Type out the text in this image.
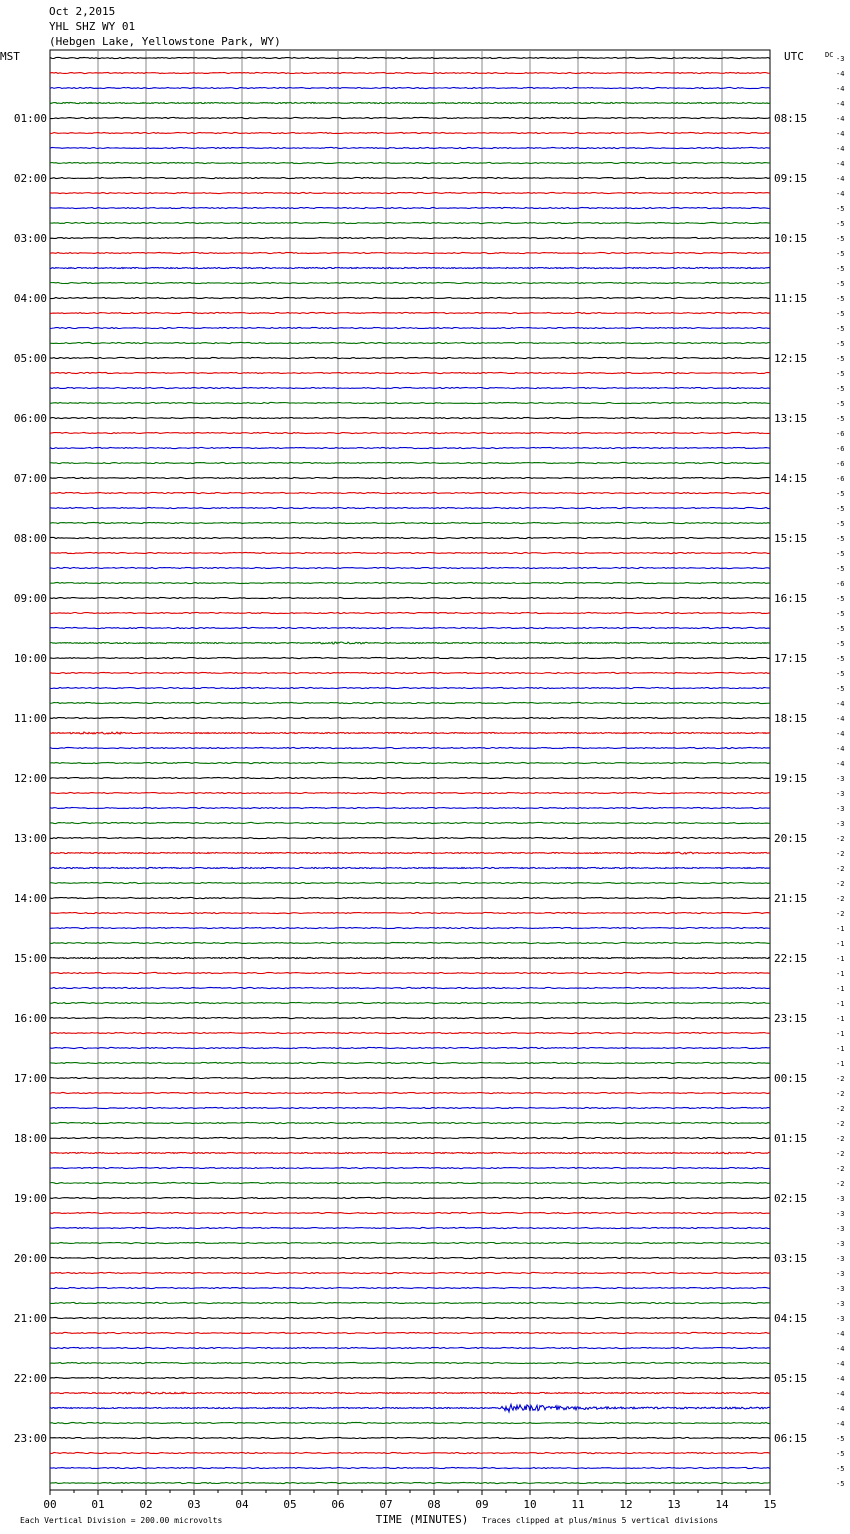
Oct 2,2015
YHL SHZ WY 01
(Hebgen Lake, Yellowstone Park, WY)
MST	UTC	DC
01:00
02:00
03:00
04:00
05:00
06:00
07:00
08:00
09:00
10:00
11:00
12:00
13:00
14:00
15:00
16:00
17:00
18:00
19:00
20:00
21:00
22:00
23:00
08:15
09:15
10:15
11:15
12:15
13:15
14:15
15:15
16:15
17:15
18:15
19:15
20:15
21:15
22:15
23:15
00:15
01:15
02:15
03:15
04:15
05:15
06:15
-3
-4
-4
-4
-4
-4
-4
-4
-4
-4
-5
-5
-5
-5
-5
-5
-5
-5
-5
-5
-5
-5
-5
-5
-5
-6
-6
-6
-6
-5
-5
-5
-5
-5
-5
-6
-5
-5
-5
-5
-5
-5
-5
-4
-4
-4
-4
-4
-3
-3
-3
-3
-2
-2
-2
-2
-2
-2
-1
-1
-1
-1
-1
-1
-1
-1
-1
-1
-2
-2
-2
-2
-2
-2
-2
-2
-3
-3
-3
-3
-3
-3
-3
-3
-3
-4
-4
-4
-4
-4
-4
-4
-5
-5
-5
-5
00	01	02	03	04	05	06	07	08	09	10	11	12	13	14	15
Each Vertical Division = 200.00 microvolts	TIME (MINUTES) Traces clipped at plus/minus 5 vertical divisions
